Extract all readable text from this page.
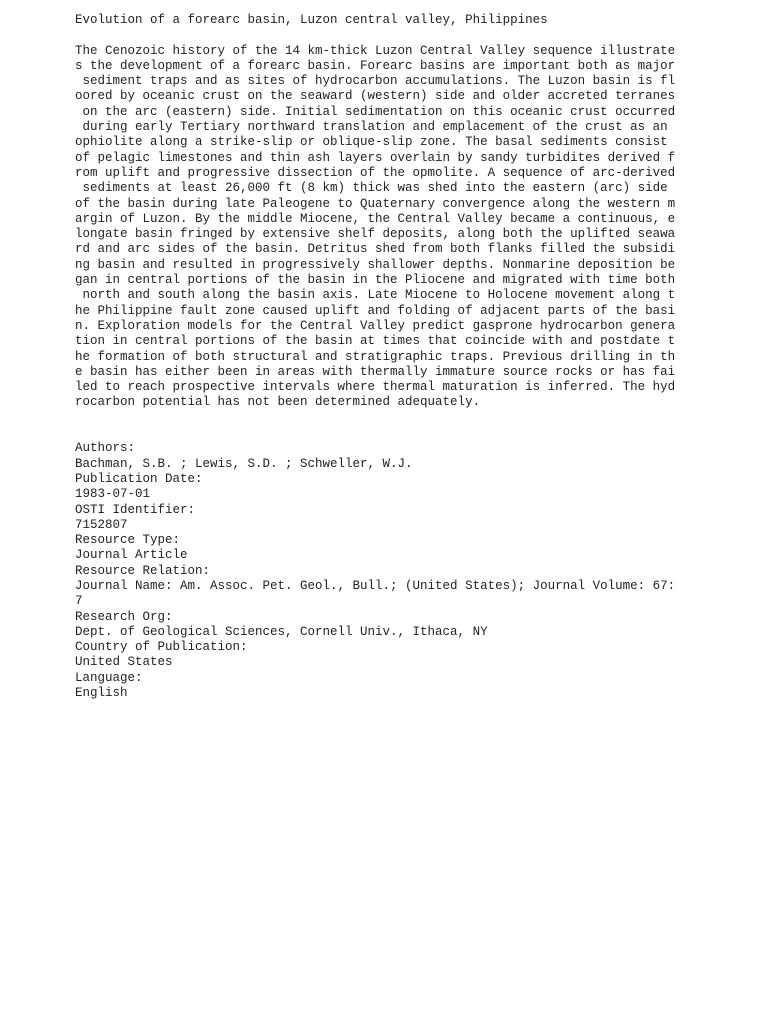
Evolution of a forearc basin, Luzon central valley, Philippines
The Cenozoic history of the 14 km-thick Luzon Central Valley sequence illustrate
s the development of a forearc basin. Forearc basins are important both as major
sediment traps and as sites of hydrocarbon accumulations. The Luzon basin is fl
oored by oceanic crust on the seaward (western) side and older accreted terranes
on the arc (eastern) side. Initial sedimentation on this oceanic crust occurred
during early Tertiary northward translation and emplacement of the crust as an
ophiolite along a strike-slip or oblique-slip zone. The basal sediments consist
of pelagic limestones and thin ash layers overlain by sandy turbidites derived f
rom uplift and progressive dissection of the opmolite. A sequence of arc-derived
sediments at least 26,000 ft (8 km) thick was shed into the eastern (arc) side
of the basin during late Paleogene to Quaternary convergence along the western m
argin of Luzon. By the middle Miocene, the Central Valley became a continuous, e
longate basin fringed by extensive shelf deposits, along both the uplifted seawa
rd and arc sides of the basin. Detritus shed from both flanks filled the subsidi
ng basin and resulted in progressively shallower depths. Nonmarine deposition be
gan in central portions of the basin in the Pliocene and migrated with time both
north and south along the basin axis. Late Miocene to Holocene movement along t
he Philippine fault zone caused uplift and folding of adjacent parts of the basi
n. Exploration models for the Central Valley predict gasprone hydrocarbon genera
tion in central portions of the basin at times that coincide with and postdate t
he formation of both structural and stratigraphic traps. Previous drilling in th
e basin has either been in areas with thermally immature source rocks or has fai
led to reach prospective intervals where thermal maturation is inferred. The hyd
rocarbon potential has not been determined adequately.
Authors:
Bachman, S.B. ; Lewis, S.D. ; Schweller, W.J.
Publication Date:
1983-07-01
OSTI Identifier:
7152807
Resource Type:
Journal Article
Resource Relation:
Journal Name: Am. Assoc. Pet. Geol., Bull.; (United States); Journal Volume: 67:
7
Research Org:
Dept. of Geological Sciences, Cornell Univ., Ithaca, NY
Country of Publication:
United States
Language:
English
